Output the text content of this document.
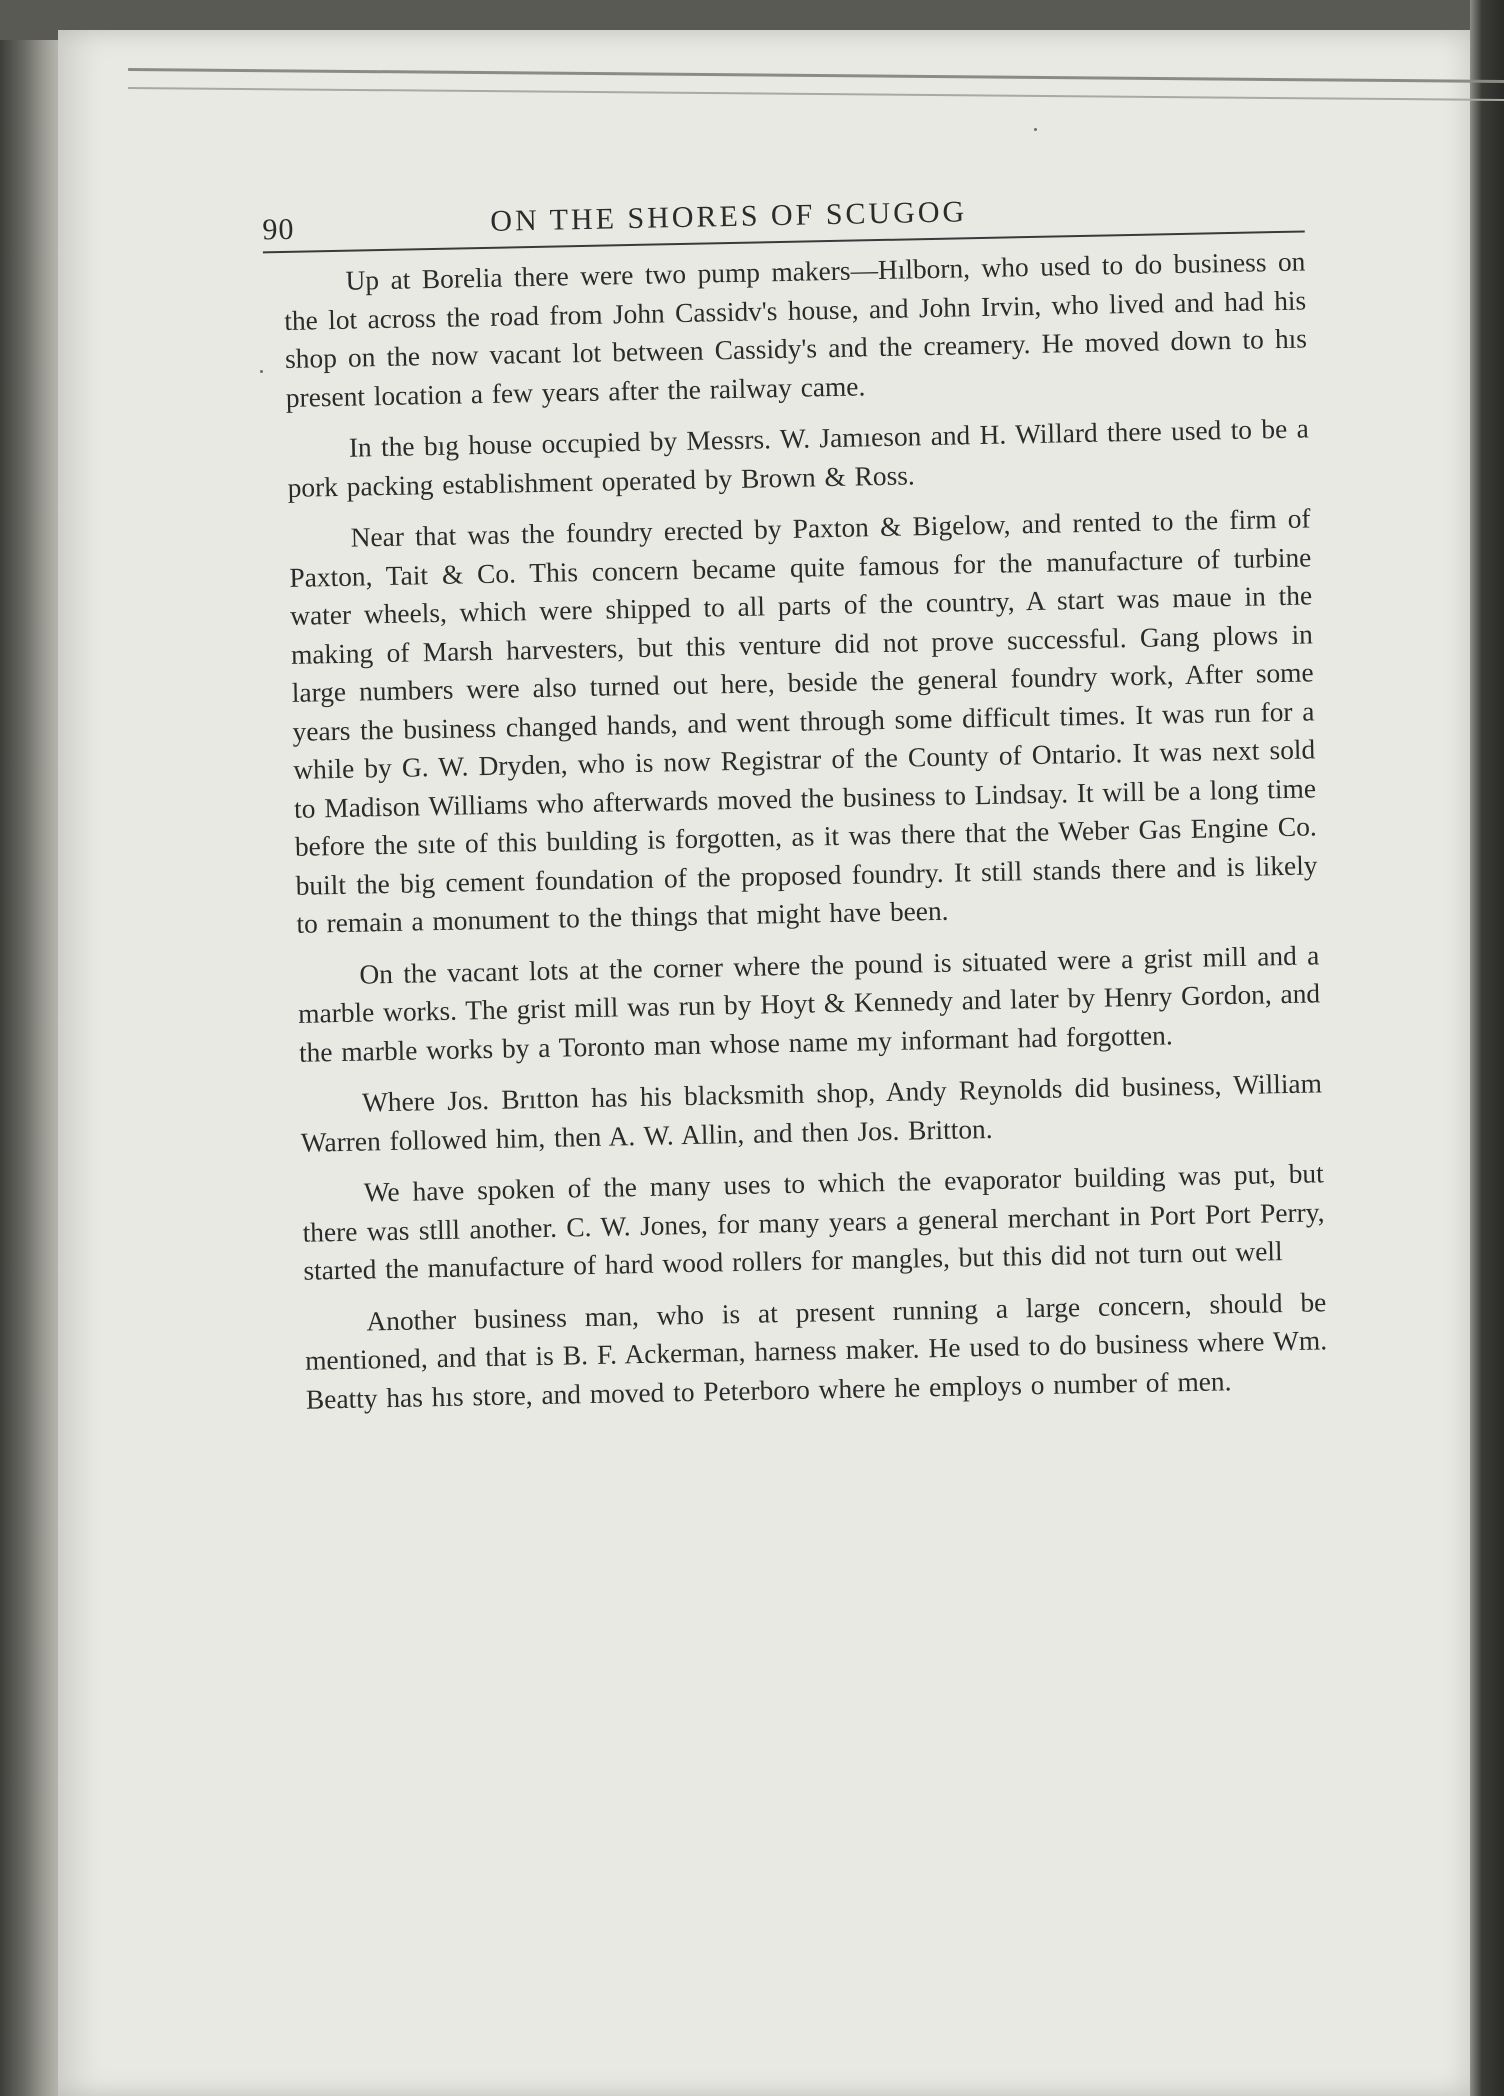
90	ON THE SHORES OF SCUGOG

Up at Borelia there were two pump makers—Hılborn, who used to do business on the lot across the road from John Cassidv's house, and John Irvin, who lived and had his shop on the now vacant lot between Cassidy's and the creamery. He moved down to hıs present location a few years after the railway came.

In the bıg house occupied by Messrs. W. Jamıeson and H. Willard there used to be a pork packing establishment operated by Brown & Ross.

Near that was the foundry erected by Paxton & Bigelow, and rented to the firm of Paxton, Tait & Co. This concern became quite famous for the manufacture of turbine water wheels, which were shipped to all parts of the country, A start was maue in the making of Marsh harvesters, but this venture did not prove successful. Gang plows in large numbers were also turned out here, beside the general foundry work, After some years the business changed hands, and went through some difficult times. It was run for a while by G. W. Dryden, who is now Registrar of the County of Ontario. It was next sold to Madison Williams who afterwards moved the business to Lindsay. It will be a long time before the sıte of this buılding is forgotten, as it was there that the Weber Gas Engine Co. built the big cement foundation of the proposed foundry. It still stands there and is likely to remain a monument to the things that might have been.

On the vacant lots at the corner where the pound is situated were a grist mill and a marble works. The grist mill was run by Hoyt & Kennedy and later by Henry Gordon, and the marble works by a Toronto man whose name my informant had forgotten.

Where Jos. Brıtton has his blacksmith shop, Andy Reynolds did business, William Warren followed him, then A. W. Allin, and then Jos. Britton.

We have spoken of the many uses to which the evaporator building was put, but there was stlll another. C. W. Jones, for many years a general merchant in Port Port Perry, started the manufacture of hard wood rollers for mangles, but this did not turn out well

Another business man, who is at present running a large concern, should be mentioned, and that is B. F. Ackerman, harness maker. He used to do business where Wm. Beatty has hıs store, and moved to Peterboro where he employs o number of men.
